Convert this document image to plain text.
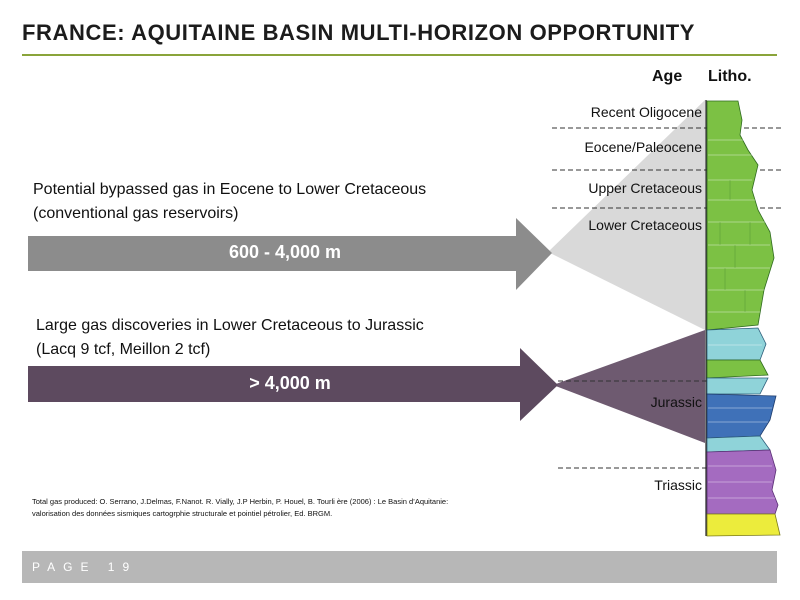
FRANCE: AQUITAINE BASIN MULTI-HORIZON OPPORTUNITY
Age Litho.
Potential bypassed gas in Eocene to Lower Cretaceous
(conventional gas reservoirs)
600 - 4,000 m
Large gas discoveries in Lower Cretaceous to Jurassic
(Lacq 9 tcf, Meillon 2 tcf)
> 4,000 m
Recent Oligocene
Eocene/Paleocene
Upper Cretaceous
Lower Cretaceous
Jurassic
Triassic
Total gas produced: O. Serrano, J.Delmas, F.Nanot. R. Vially, J.P Herbin, P. Houel, B. Tourli ère (2006) : Le Basin d’Aquitanie:
valorisation des données sismiques cartogrphie structurale et pointiel pétrolier, Ed. BRGM.
PAGE 19
